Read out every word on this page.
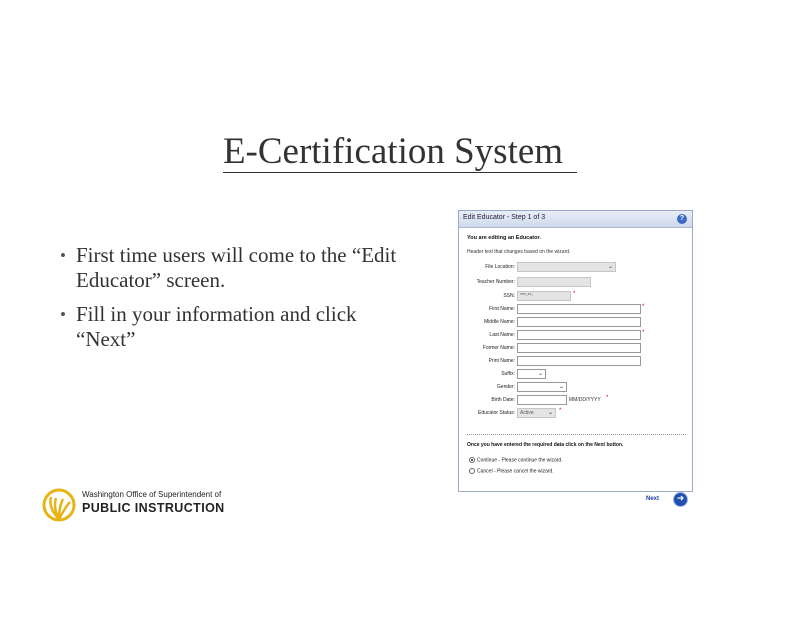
E-Certification System
• First time users will come to the “Edit Educator” screen.
• Fill in your information and click “Next”
Washington Office of Superintendent of
PUBLIC INSTRUCTION
Edit Educator - Step 1 of 3	?
You are editing an Educator.
Header text that changes based on the wizard.
File Location:	⌄
Teacher Number:
SSN:	***-**-	*
First Name:	*
Middle Name:
Last Name:	*
Former Name:
Print Name:
Suffix:	⌄
Gender:	⌄
Birth Date:	MM/DD/YYYY *
Educator Status:	Active ⌄ *
Once you have entered the required data click on the Next button.
Continue - Please continue the wizard.
Cancel - Please cancel the wizard.
Next	➜
